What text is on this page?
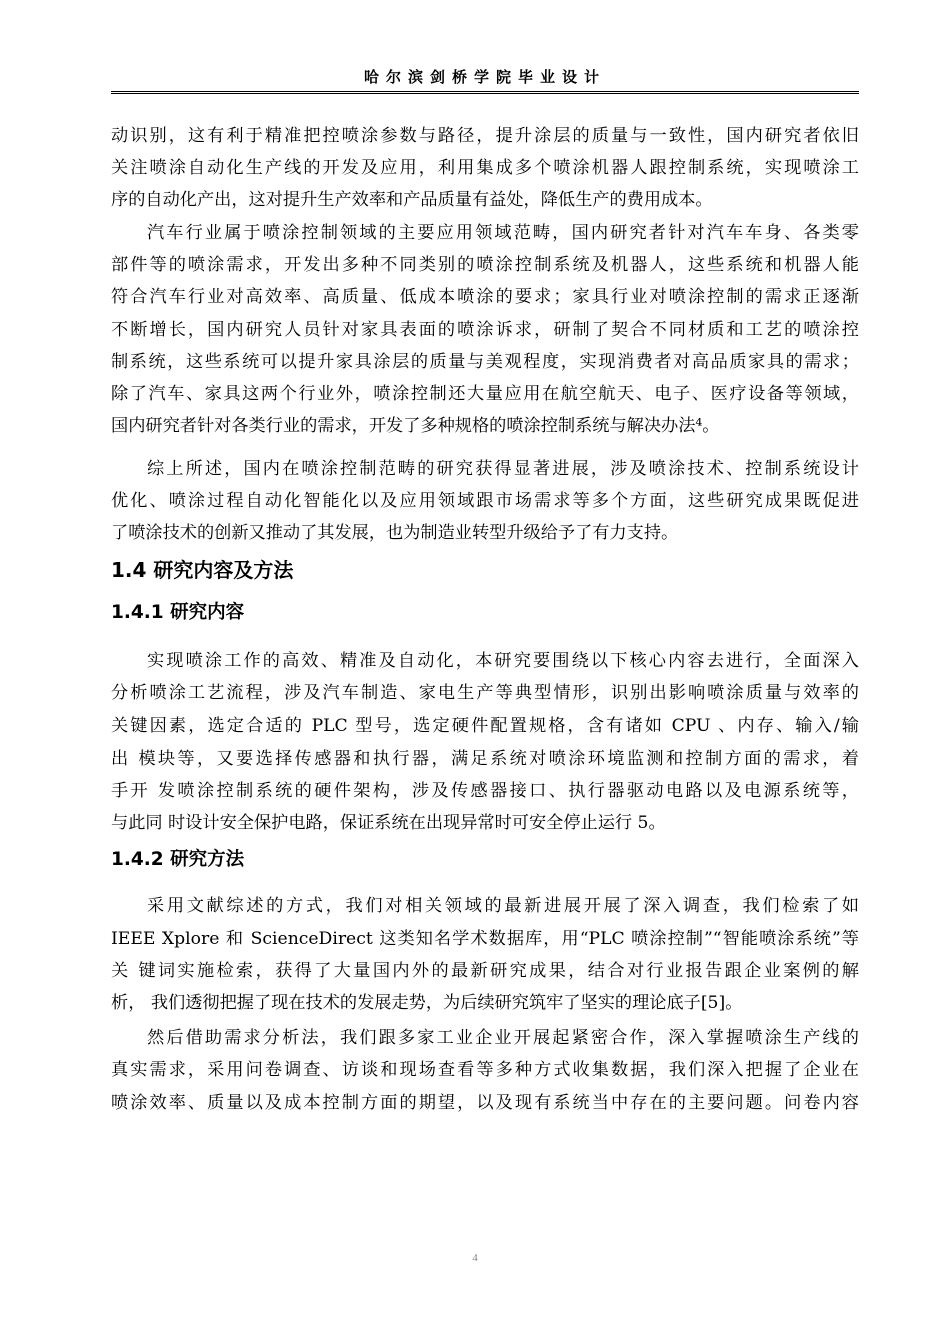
哈尔滨剑桥学院毕业设计
动识别，这有利于精准把控喷涂参数与路径，提升涂层的质量与一致性，国内研究者依旧
关注喷涂自动化生产线的开发及应用，利用集成多个喷涂机器人跟控制系统，实现喷涂工
序的自动化产出，这对提升生产效率和产品质量有益处，降低生产的费用成本。
汽车行业属于喷涂控制领域的主要应用领域范畴，国内研究者针对汽车车身、各类零
部件等的喷涂需求，开发出多种不同类别的喷涂控制系统及机器人，这些系统和机器人能
符合汽车行业对高效率、高质量、低成本喷涂的要求；家具行业对喷涂控制的需求正逐渐
不断增长，国内研究人员针对家具表面的喷涂诉求，研制了契合不同材质和工艺的喷涂控
制系统，这些系统可以提升家具涂层的质量与美观程度，实现消费者对高品质家具的需求；
除了汽车、家具这两个行业外，喷涂控制还大量应用在航空航天、电子、医疗设备等领域，
国内研究者针对各类行业的需求，开发了多种规格的喷涂控制系统与解决办法⁴。
综上所述，国内在喷涂控制范畴的研究获得显著进展，涉及喷涂技术、控制系统设计
优化、喷涂过程自动化智能化以及应用领域跟市场需求等多个方面，这些研究成果既促进
了喷涂技术的创新又推动了其发展，也为制造业转型升级给予了有力支持。
1.4 研究内容及方法
1.4.1 研究内容
实现喷涂工作的高效、精准及自动化，本研究要围绕以下核心内容去进行，全面深入
分析喷涂工艺流程，涉及汽车制造、家电生产等典型情形，识别出影响喷涂质量与效率的
关键因素，选定合适的 PLC 型号，选定硬件配置规格，含有诸如 CPU 、内存、输入/输
出 模块等，又要选择传感器和执行器，满足系统对喷涂环境监测和控制方面的需求，着
手开 发喷涂控制系统的硬件架构，涉及传感器接口、执行器驱动电路以及电源系统等，
与此同 时设计安全保护电路，保证系统在出现异常时可安全停止运行 5。
1.4.2 研究方法
采用文献综述的方式，我们对相关领域的最新进展开展了深入调查，我们检索了如
IEEE Xplore 和 ScienceDirect 这类知名学术数据库，用“PLC 喷涂控制”“智能喷涂系统”等
关 键词实施检索，获得了大量国内外的最新研究成果，结合对行业报告跟企业案例的解
析， 我们透彻把握了现在技术的发展走势，为后续研究筑牢了坚实的理论底子[5]。
然后借助需求分析法，我们跟多家工业企业开展起紧密合作，深入掌握喷涂生产线的
真实需求，采用问卷调查、访谈和现场查看等多种方式收集数据，我们深入把握了企业在
喷涂效率、质量以及成本控制方面的期望，以及现有系统当中存在的主要问题。问卷内容
4
